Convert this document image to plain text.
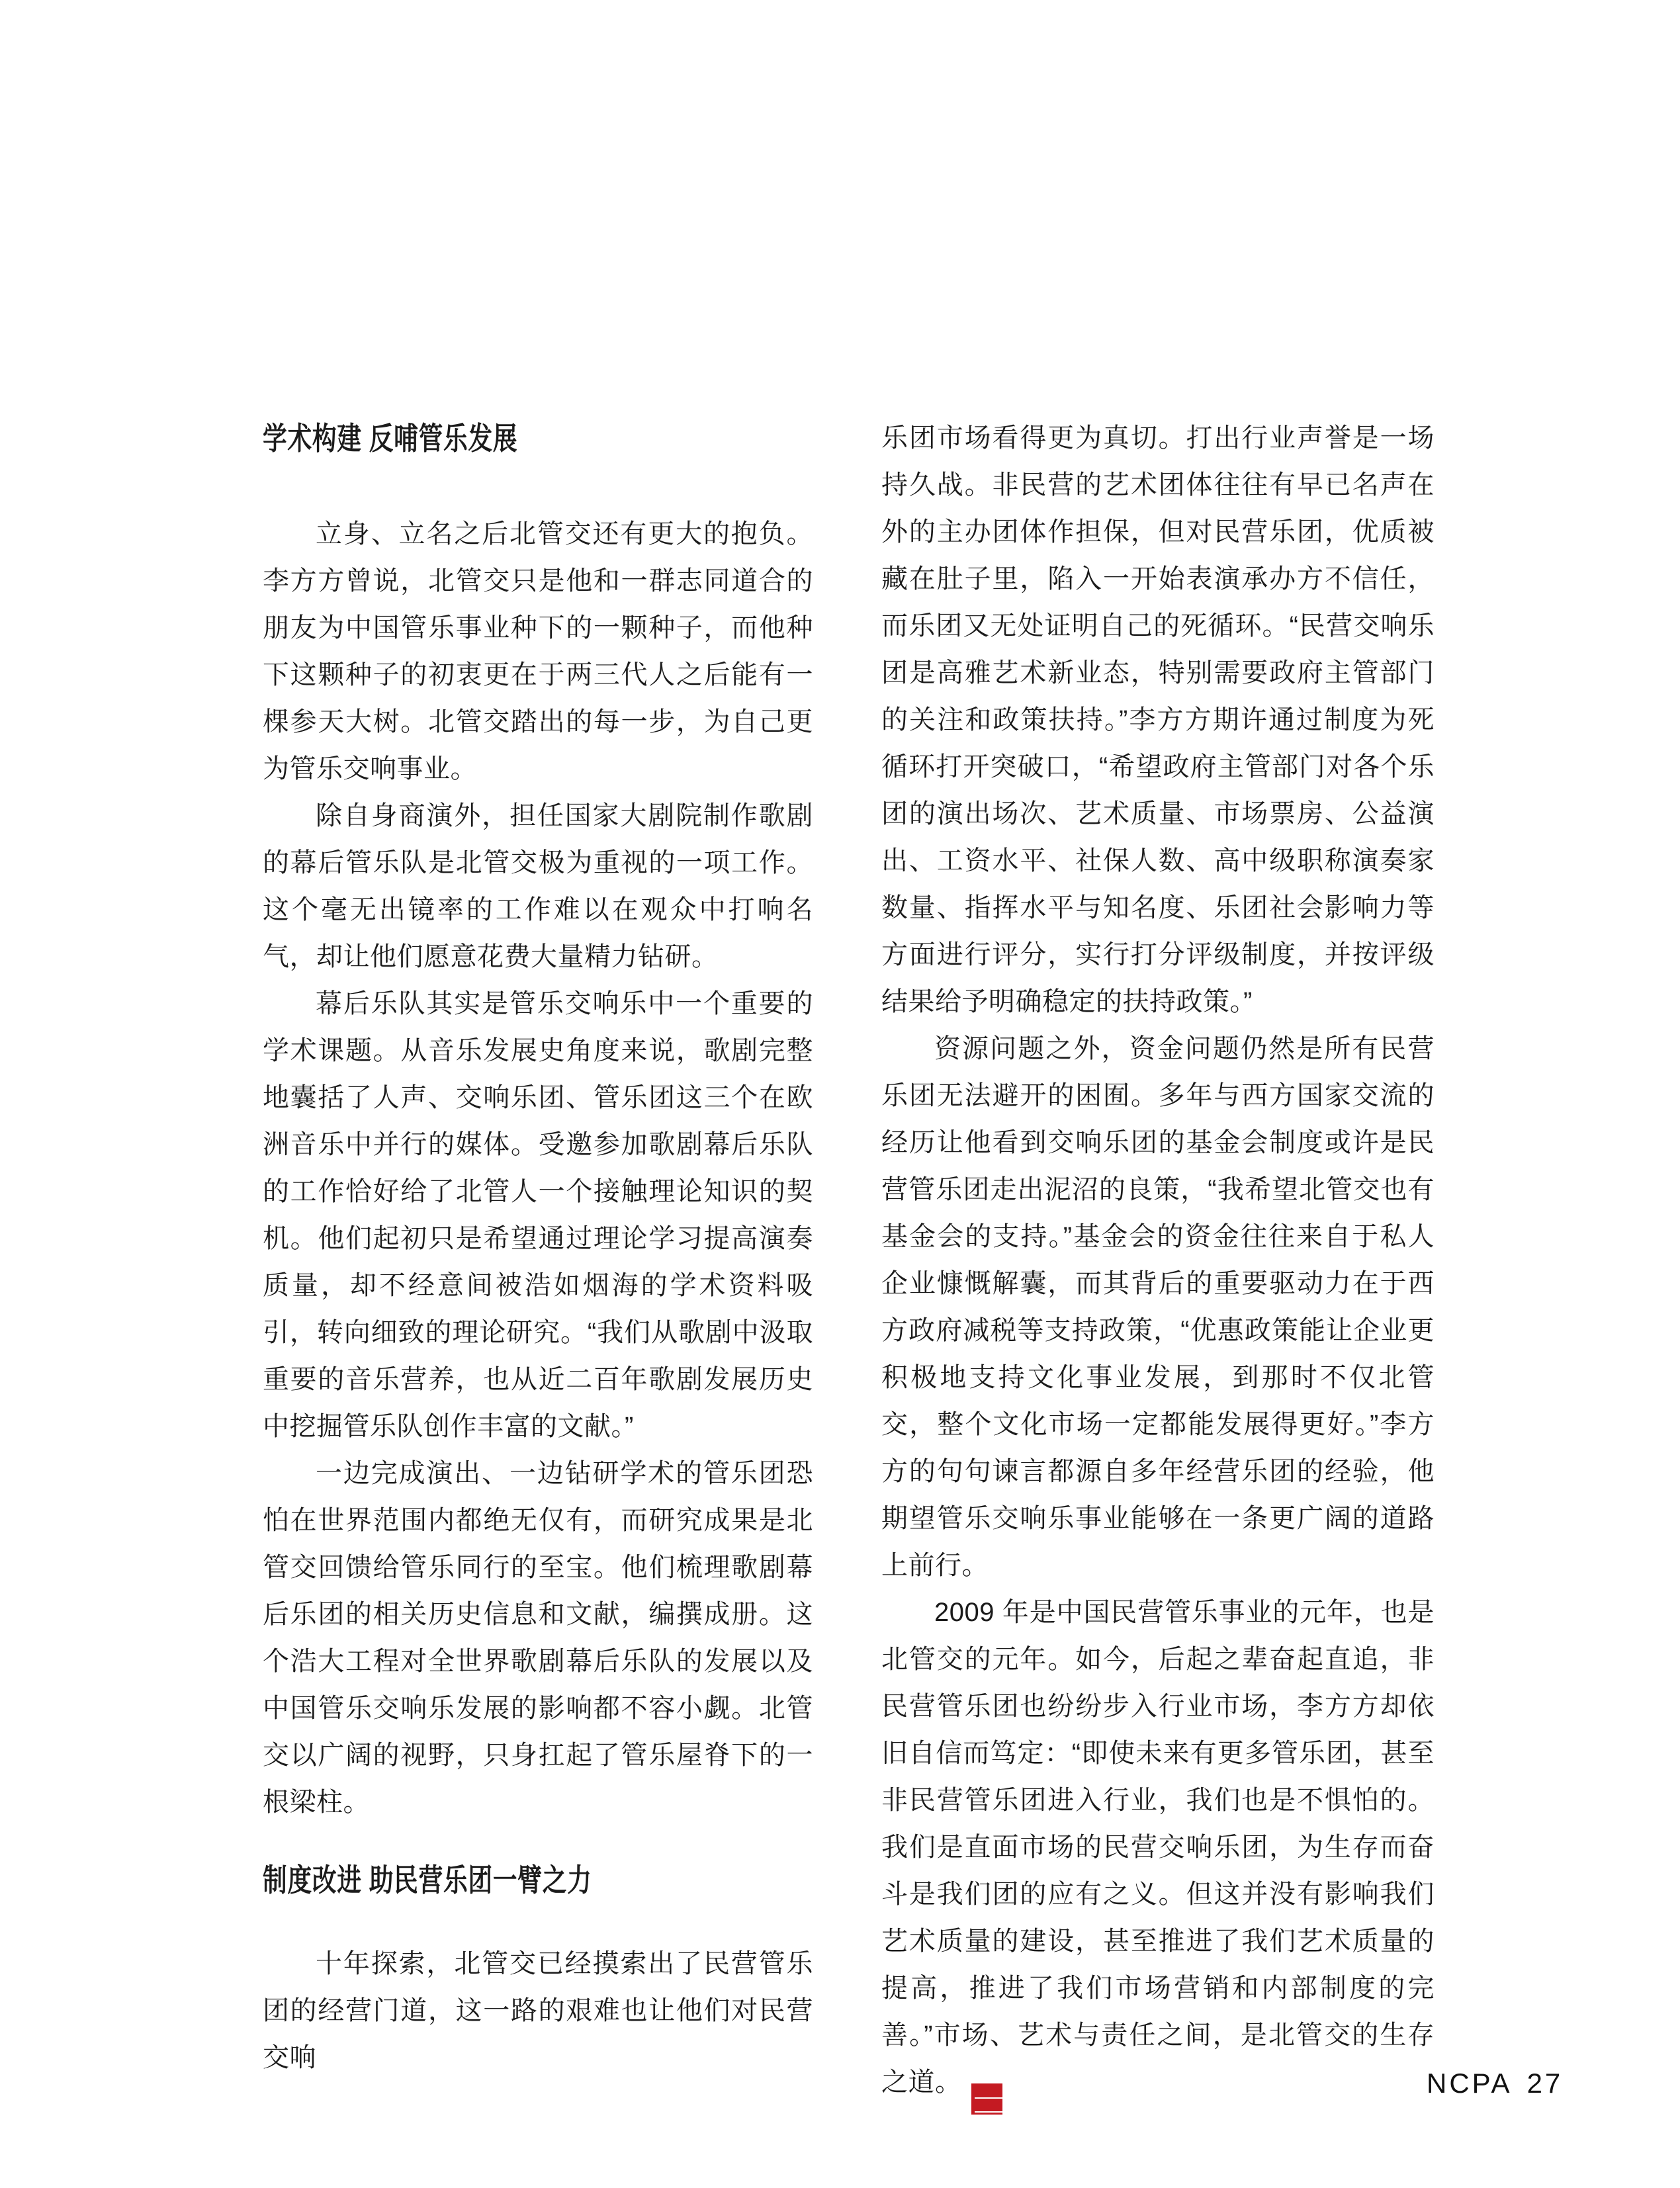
学术构建 反哺管乐发展

立身、立名之后北管交还有更大的抱负。李方方曾说，北管交只是他和一群志同道合的朋友为中国管乐事业种下的一颗种子，而他种下这颗种子的初衷更在于两三代人之后能有一棵参天大树。北管交踏出的每一步，为自己更为管乐交响事业。

除自身商演外，担任国家大剧院制作歌剧的幕后管乐队是北管交极为重视的一项工作。这个毫无出镜率的工作难以在观众中打响名气，却让他们愿意花费大量精力钻研。

幕后乐队其实是管乐交响乐中一个重要的学术课题。从音乐发展史角度来说，歌剧完整地囊括了人声、交响乐团、管乐团这三个在欧洲音乐中并行的媒体。受邀参加歌剧幕后乐队的工作恰好给了北管人一个接触理论知识的契机。他们起初只是希望通过理论学习提高演奏质量，却不经意间被浩如烟海的学术资料吸引，转向细致的理论研究。“我们从歌剧中汲取重要的音乐营养，也从近二百年歌剧发展历史中挖掘管乐队创作丰富的文献。”

一边完成演出、一边钻研学术的管乐团恐怕在世界范围内都绝无仅有，而研究成果是北管交回馈给管乐同行的至宝。他们梳理歌剧幕后乐团的相关历史信息和文献，编撰成册。这个浩大工程对全世界歌剧幕后乐队的发展以及中国管乐交响乐发展的影响都不容小觑。北管交以广阔的视野，只身扛起了管乐屋脊下的一根梁柱。

制度改进 助民营乐团一臂之力

十年探索，北管交已经摸索出了民营管乐团的经营门道，这一路的艰难也让他们对民营交响

乐团市场看得更为真切。打出行业声誉是一场持久战。非民营的艺术团体往往有早已名声在外的主办团体作担保，但对民营乐团，优质被藏在肚子里，陷入一开始表演承办方不信任，而乐团又无处证明自己的死循环。“民营交响乐团是高雅艺术新业态，特别需要政府主管部门的关注和政策扶持。”李方方期许通过制度为死循环打开突破口，“希望政府主管部门对各个乐团的演出场次、艺术质量、市场票房、公益演出、工资水平、社保人数、高中级职称演奏家数量、指挥水平与知名度、乐团社会影响力等方面进行评分，实行打分评级制度，并按评级结果给予明确稳定的扶持政策。”

资源问题之外，资金问题仍然是所有民营乐团无法避开的困囿。多年与西方国家交流的经历让他看到交响乐团的基金会制度或许是民营管乐团走出泥沼的良策，“我希望北管交也有基金会的支持。”基金会的资金往往来自于私人企业慷慨解囊，而其背后的重要驱动力在于西方政府减税等支持政策，“优惠政策能让企业更积极地支持文化事业发展，到那时不仅北管交，整个文化市场一定都能发展得更好。”李方方的句句谏言都源自多年经营乐团的经验，他期望管乐交响乐事业能够在一条更广阔的道路上前行。

2009 年是中国民营管乐事业的元年，也是北管交的元年。如今，后起之辈奋起直追，非民营管乐团也纷纷步入行业市场，李方方却依旧自信而笃定：“即使未来有更多管乐团，甚至非民营管乐团进入行业，我们也是不惧怕的。我们是直面市场的民营交响乐团，为生存而奋斗是我们团的应有之义。但这并没有影响我们艺术质量的建设，甚至推进了我们艺术质量的提高，推进了我们市场营销和内部制度的完善。”市场、艺术与责任之间，是北管交的生存之道。
$\frac{NC}{PA}$	NCPA 27
